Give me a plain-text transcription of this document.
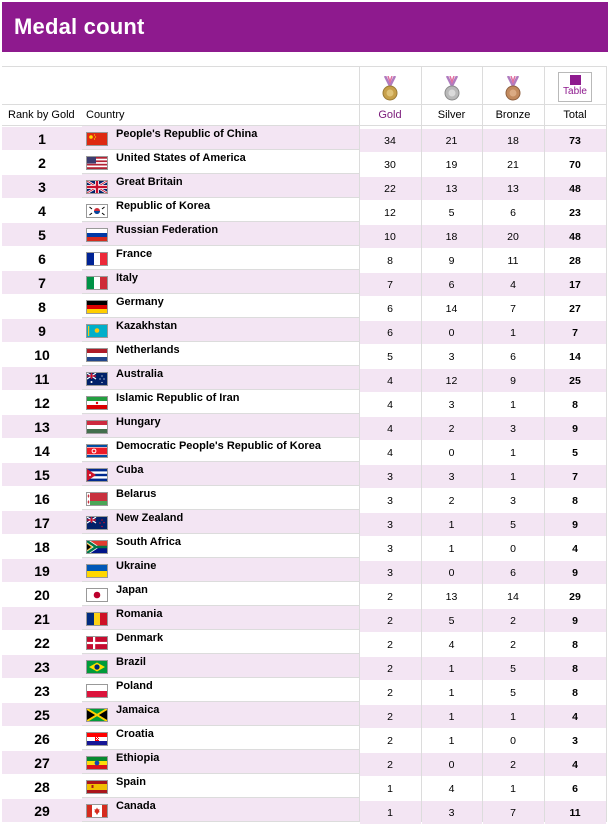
Medal count

Table

Rank by Gold	Country	Gold	Silver	Bronze	Total
1	People's Republic of China	34	21	18	73
2	United States of America	30	19	21	70
3	Great Britain	22	13	13	48
4	Republic of Korea	12	5	6	23
5	Russian Federation	10	18	20	48
6	France	8	9	11	28
7	Italy	7	6	4	17
8	Germany	6	14	7	27
9	Kazakhstan	6	0	1	7
10	Netherlands	5	3	6	14
11	Australia	4	12	9	25
12	Islamic Republic of Iran	4	3	1	8
13	Hungary	4	2	3	9
14	Democratic People's Republic of Korea	4	0	1	5
15	Cuba	3	3	1	7
16	Belarus	3	2	3	8
17	New Zealand	3	1	5	9
18	South Africa	3	1	0	4
19	Ukraine	3	0	6	9
20	Japan	2	13	14	29
21	Romania	2	5	2	9
22	Denmark	2	4	2	8
23	Brazil	2	1	5	8
23	Poland	2	1	5	8
25	Jamaica	2	1	1	4
26	Croatia	2	1	0	3
27	Ethiopia	2	0	2	4
28	Spain	1	4	1	6
29	Canada	1	3	7	11
